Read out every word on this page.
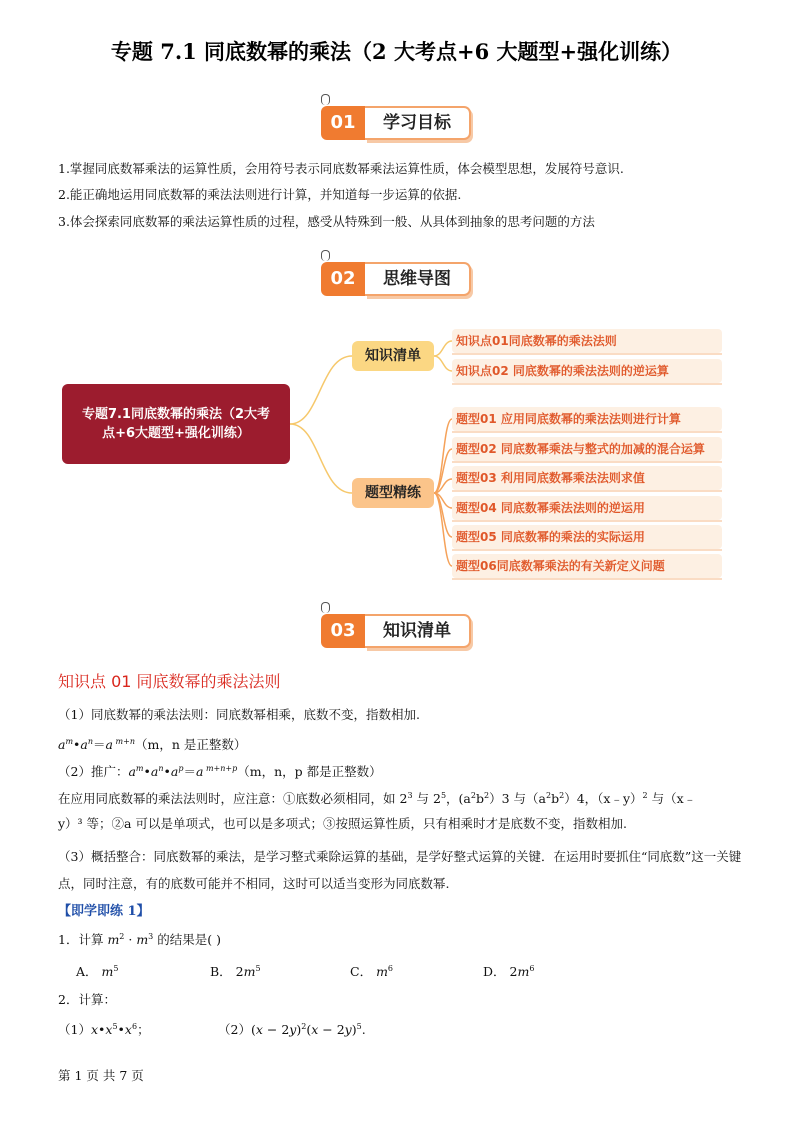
专题 7.1 同底数幂的乘法（2 大考点+6 大题型+强化训练）
01	学习目标
1.掌握同底数幂乘法的运算性质，会用符号表示同底数幂乘法运算性质，体会模型思想，发展符号意识.
2.能正确地运用同底数幂的乘法法则进行计算，并知道每一步运算的依据.
3.体会探索同底数幂的乘法运算性质的过程，感受从特殊到一般、从具体到抽象的思考问题的方法
02	思维导图
专题7.1同底数幂的乘法（2大考点+6大题型+强化训练）
知识清单
题型精练
知识点01同底数幂的乘法法则
知识点02 同底数幂的乘法法则的逆运算
题型01 应用同底数幂的乘法法则进行计算
题型02 同底数幂乘法与整式的加减的混合运算
题型03 利用同底数幂乘法法则求值
题型04 同底数幂乘法法则的逆运用
题型05 同底数幂的乘法的实际运用
题型06同底数幂乘法的有关新定义问题
03	知识清单
知识点 01 同底数幂的乘法法则
（1）同底数幂的乘法法则：同底数幂相乘，底数不变，指数相加.
$a^m•a^n=a$ $^{m+n}$（m，n 是正整数）
（2）推广：$a^m•a^n•a^p=a$ $^{m+n+p}$（m，n，p 都是正整数）
在应用同底数幂的乘法法则时，应注意：①底数必须相同，如 $2^3$ 与 $2^5$，$(a^2b^2)3$ 与$(a^2b^2)4$，（x﹣y）$^2$ 与（x﹣
y）³ 等；②a 可以是单项式，也可以是多项式；③按照运算性质，只有相乘时才是底数不变，指数相加.
（3）概括整合：同底数幂的乘法，是学习整式乘除运算的基础，是学好整式运算的关键．在运用时要抓住“同底数”这一关键点，同时注意，有的底数可能并不相同，这时可以适当变形为同底数幂.
【即学即练 1】
1．计算 $m^2 \cdot m^3$ 的结果是( )
A． $m^5$	B． $2m^5$	C． $m^6$	D． $2m^6$
2．计算：
$(1)x•x^5•x^6$；	$(2)(x - 2y)^2(x - 2y)^5$.
第 1 页 共 7 页
